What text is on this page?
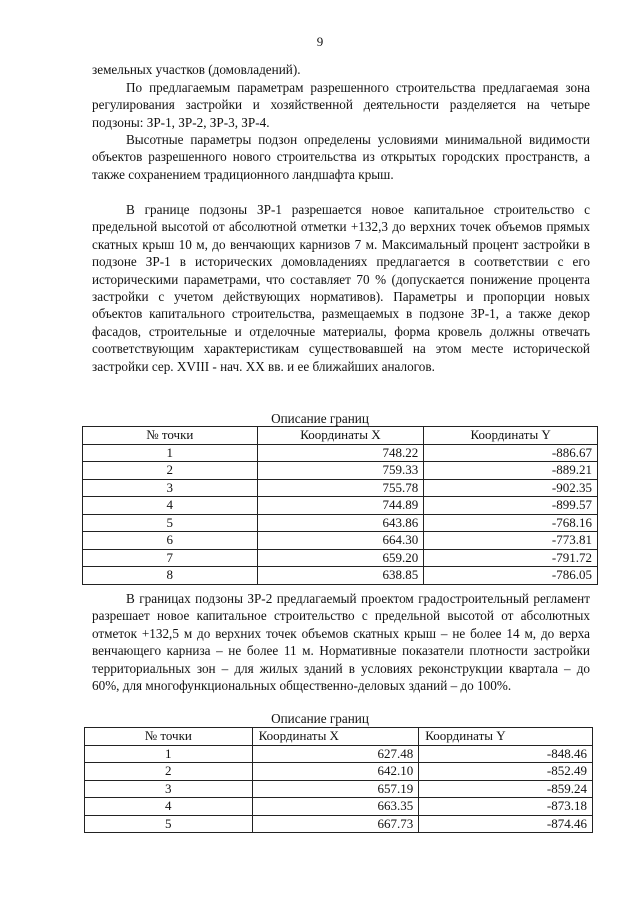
9

земельных участков (домовладений).

По предлагаемым параметрам разрешенного строительства предлагаемая зона регулирования застройки и хозяйственной деятельности разделяется на четыре подзоны: ЗР-1, ЗР-2, ЗР-3, ЗР-4.

Высотные параметры подзон определены условиями минимальной видимости объектов разрешенного нового строительства из открытых городских пространств, а также сохранением традиционного ландшафта крыш.

В границе подзоны ЗР-1 разрешается новое капитальное строительство с предельной высотой от абсолютной отметки +132,3 до верхних точек объемов прямых скатных крыш 10 м, до венчающих карнизов 7 м. Максимальный процент застройки в подзоне ЗР-1 в исторических домовладениях предлагается в соответствии с его историческими параметрами, что составляет 70 % (допускается понижение процента застройки с учетом действующих нормативов). Параметры и пропорции новых объектов капитального строительства, размещаемых в подзоне ЗР-1, а также декор фасадов, строительные и отделочные материалы, форма кровель должны отвечать соответствующим характеристикам существовавшей на этом месте исторической застройки сер. XVIII - нач. XX вв. и ее ближайших аналогов.

Описание границ
№ точки	Координаты X	Координаты Y
1	748.22	-886.67
2	759.33	-889.21
3	755.78	-902.35
4	744.89	-899.57
5	643.86	-768.16
6	664.30	-773.81
7	659.20	-791.72
8	638.85	-786.05

В границах подзоны ЗР-2 предлагаемый проектом градостроительный регламент разрешает новое капитальное строительство с предельной высотой от абсолютных отметок +132,5 м до верхних точек объемов скатных крыш – не более 14 м, до верха венчающего карниза – не более 11 м. Нормативные показатели плотности застройки территориальных зон – для жилых зданий в условиях реконструкции квартала – до 60%, для многофункциональных общественно-деловых зданий – до 100%.

Описание границ
№ точки	Координаты X	Координаты Y
1	627.48	-848.46
2	642.10	-852.49
3	657.19	-859.24
4	663.35	-873.18
5	667.73	-874.46
